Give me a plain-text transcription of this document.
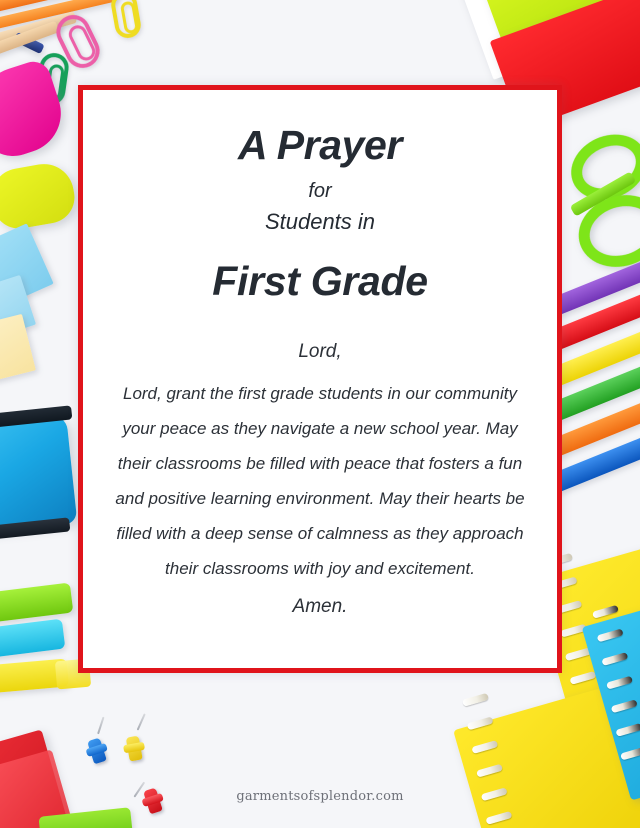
A Prayer
for
Students in
First Grade
Lord,
Lord, grant the first grade students in our community your peace as they navigate a new school year. May their classrooms be filled with peace that fosters a fun and positive learning environment. May their hearts be filled with a deep sense of calmness as they approach their classrooms with joy and excitement.
Amen.
garmentsofsplendor.com
